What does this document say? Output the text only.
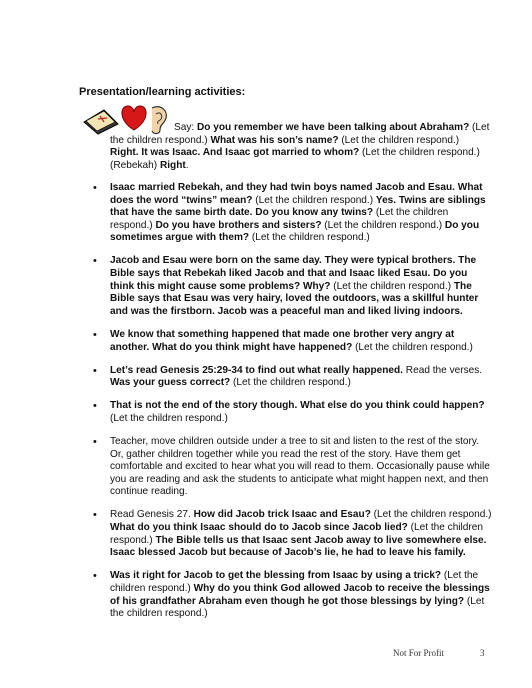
Presentation/learning activities:
Say: Do you remember we have been talking about Abraham? (Let the children respond.) What was his son’s name? (Let the children respond.) Right. It was Isaac. And Isaac got married to whom? (Let the children respond.) (Rebekah) Right.
• Isaac married Rebekah, and they had twin boys named Jacob and Esau. What does the word “twins” mean? (Let the children respond.) Yes. Twins are siblings that have the same birth date. Do you know any twins? (Let the children respond.) Do you have brothers and sisters? (Let the children respond.) Do you sometimes argue with them? (Let the children respond.)
• Jacob and Esau were born on the same day. They were typical brothers. The Bible says that Rebekah liked Jacob and that and Isaac liked Esau. Do you think this might cause some problems? Why? (Let the children respond.) The Bible says that Esau was very hairy, loved the outdoors, was a skillful hunter and was the firstborn. Jacob was a peaceful man and liked living indoors.
• We know that something happened that made one brother very angry at another. What do you think might have happened? (Let the children respond.)
• Let’s read Genesis 25:29-34 to find out what really happened. Read the verses. Was your guess correct? (Let the children respond.)
• That is not the end of the story though. What else do you think could happen? (Let the children respond.)
• Teacher, move children outside under a tree to sit and listen to the rest of the story. Or, gather children together while you read the rest of the story. Have them get comfortable and excited to hear what you will read to them. Occasionally pause while you are reading and ask the students to anticipate what might happen next, and then continue reading.
• Read Genesis 27. How did Jacob trick Isaac and Esau? (Let the children respond.) What do you think Isaac should do to Jacob since Jacob lied? (Let the children respond.) The Bible tells us that Isaac sent Jacob away to live somewhere else. Isaac blessed Jacob but because of Jacob’s lie, he had to leave his family.
• Was it right for Jacob to get the blessing from Isaac by using a trick? (Let the children respond.) Why do you think God allowed Jacob to receive the blessings of his grandfather Abraham even though he got those blessings by lying? (Let the children respond.)
Not For Profit	3
